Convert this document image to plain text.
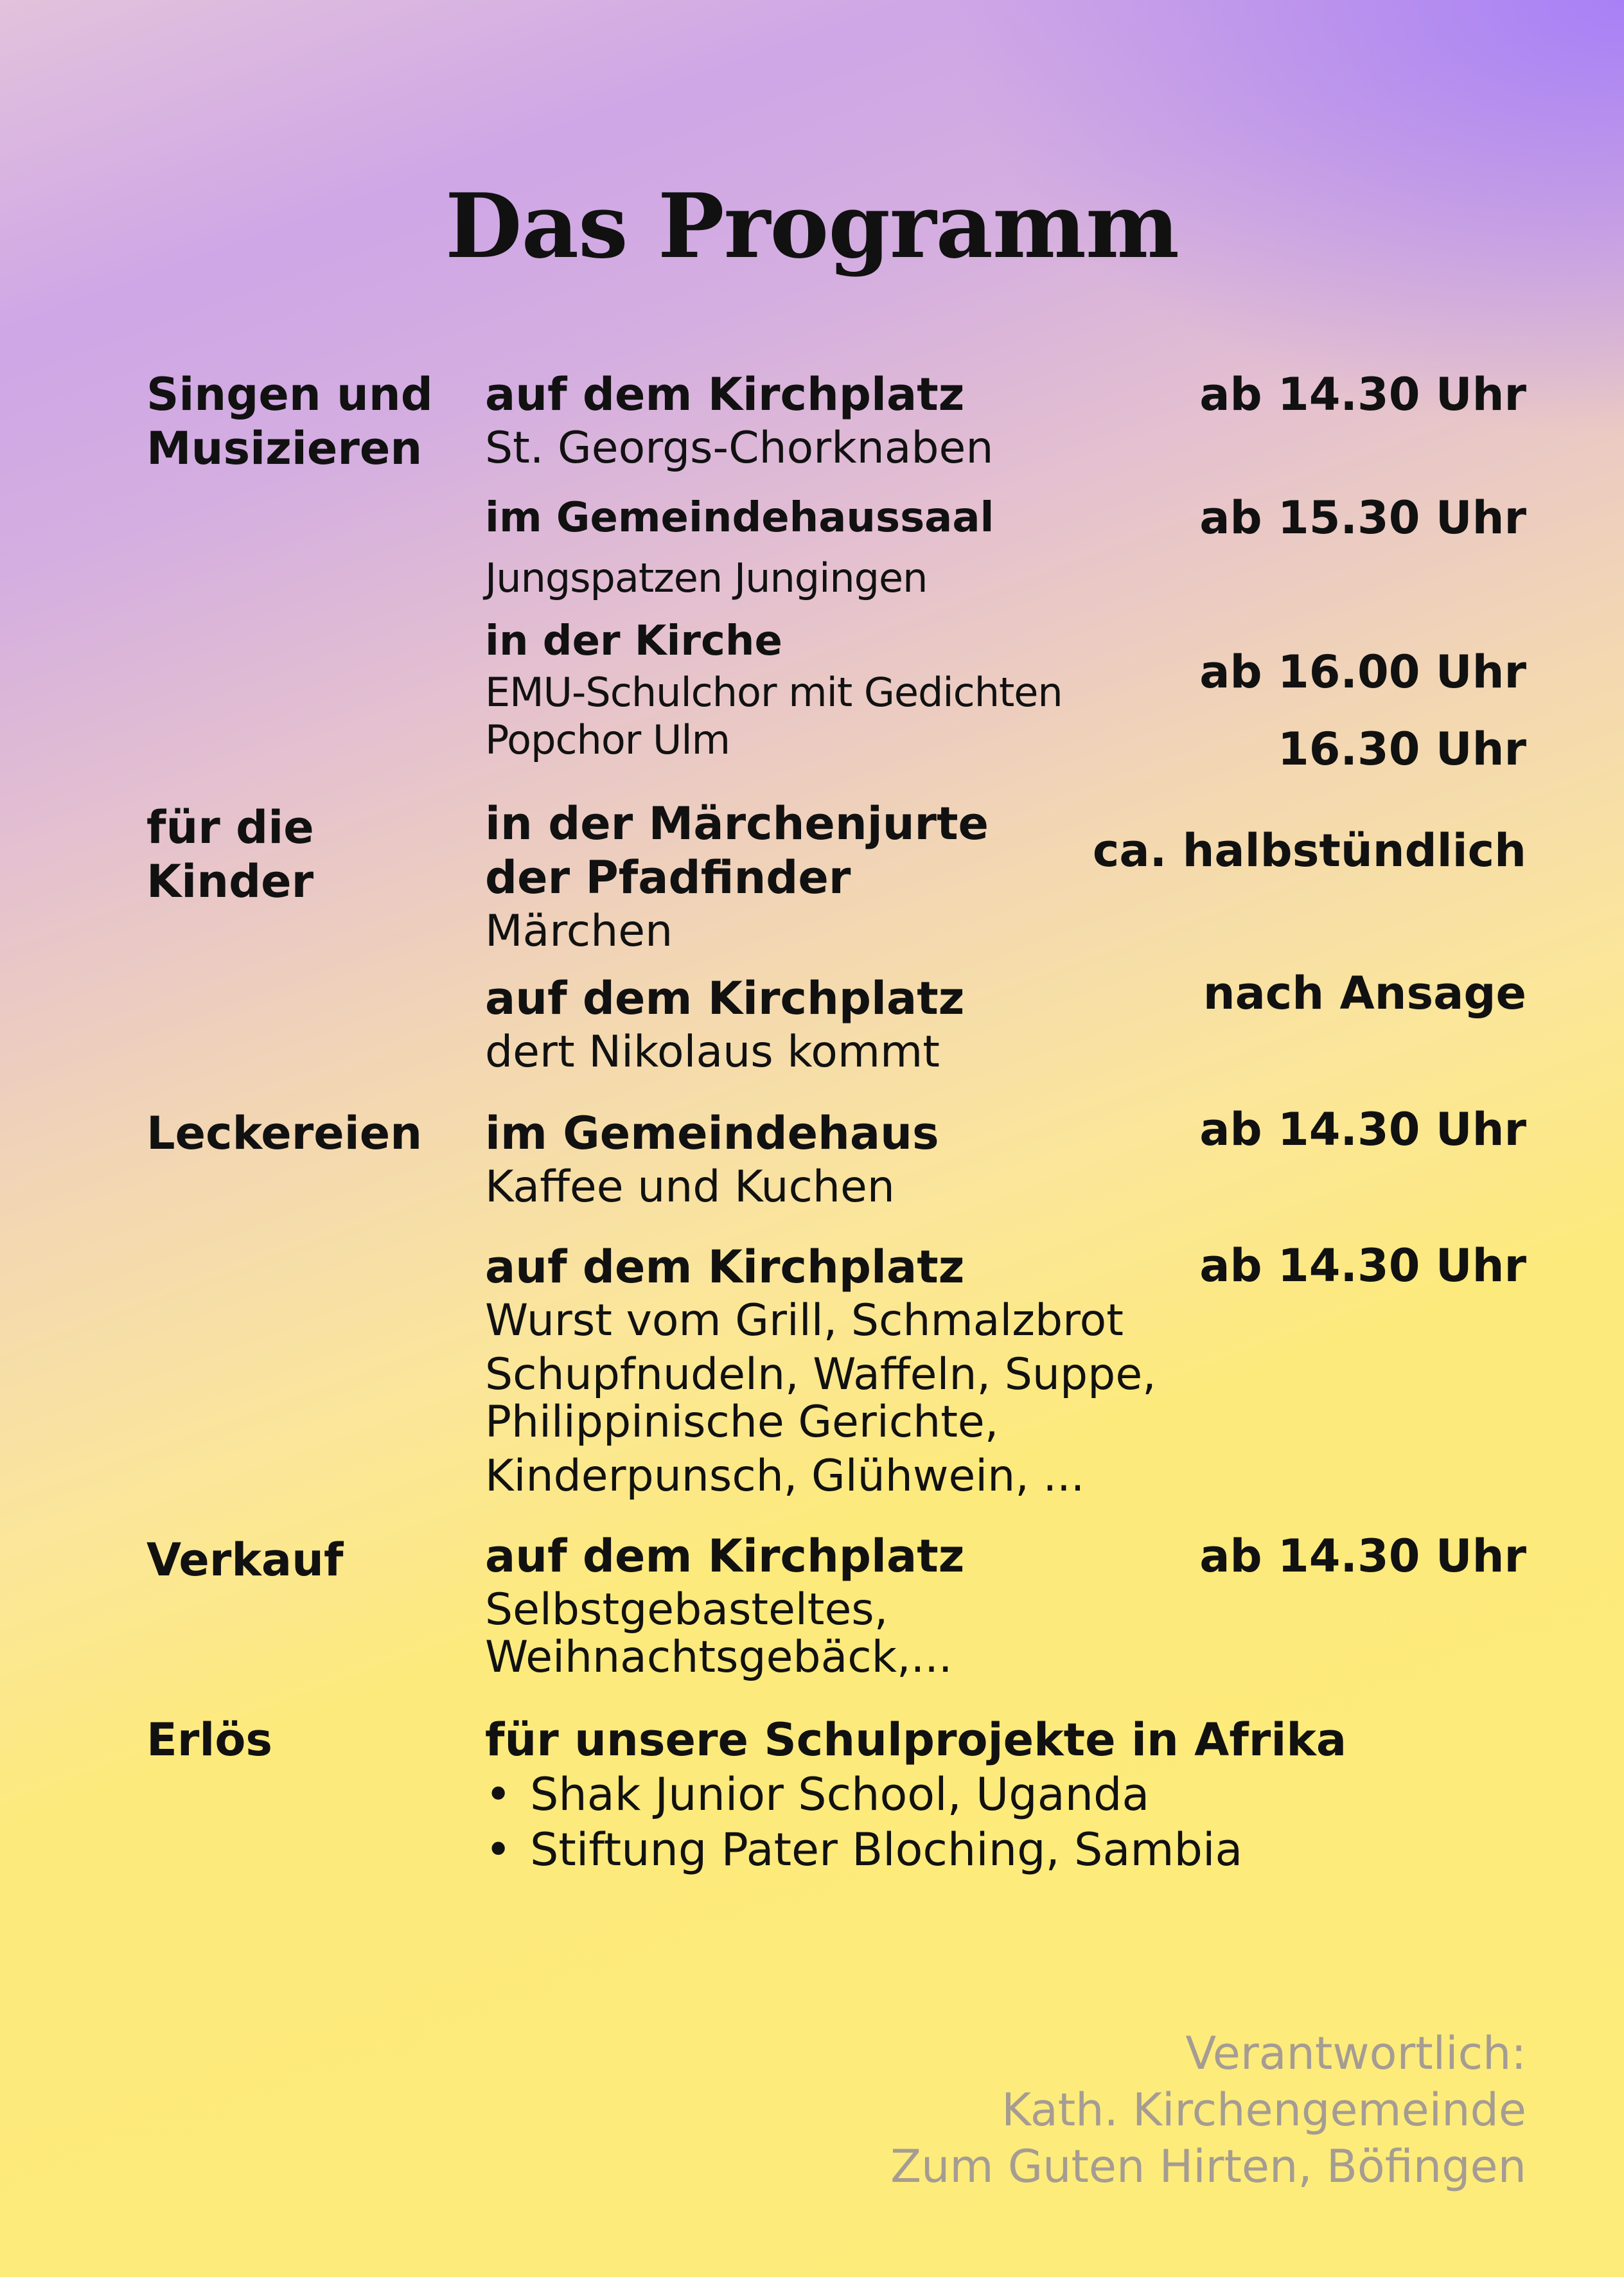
Das Programm
Singen und
Musizieren
auf dem Kirchplatz
St. Georgs-Chorknaben
ab 14.30 Uhr
im Gemeindehaussaal
Jungspatzen Jungingen
ab 15.30 Uhr
in der Kirche
EMU-Schulchor mit Gedichten
Popchor Ulm
ab 16.00 Uhr
16.30 Uhr
für die
Kinder
in der Märchenjurte
der Pfadfinder
Märchen
ca. halbstündlich
auf dem Kirchplatz
dert Nikolaus kommt
nach Ansage
Leckereien im Gemeindehaus
Kaffee und Kuchen
ab 14.30 Uhr
auf dem Kirchplatz
Wurst vom Grill, Schmalzbrot
Schupfnudeln, Waffeln, Suppe,
Philippinische Gerichte,
Kinderpunsch, Glühwein, ...
ab 14.30 Uhr
Verkauf	auf dem Kirchplatz
Selbstgebasteltes,
Weihnachtsgebäck,...
ab 14.30 Uhr
Erlös	für unsere Schulprojekte in Afrika
• Shak Junior School, Uganda
• Stiftung Pater Bloching, Sambia
Verantwortlich:
Kath. Kirchengemeinde
Zum Guten Hirten, Böfingen
